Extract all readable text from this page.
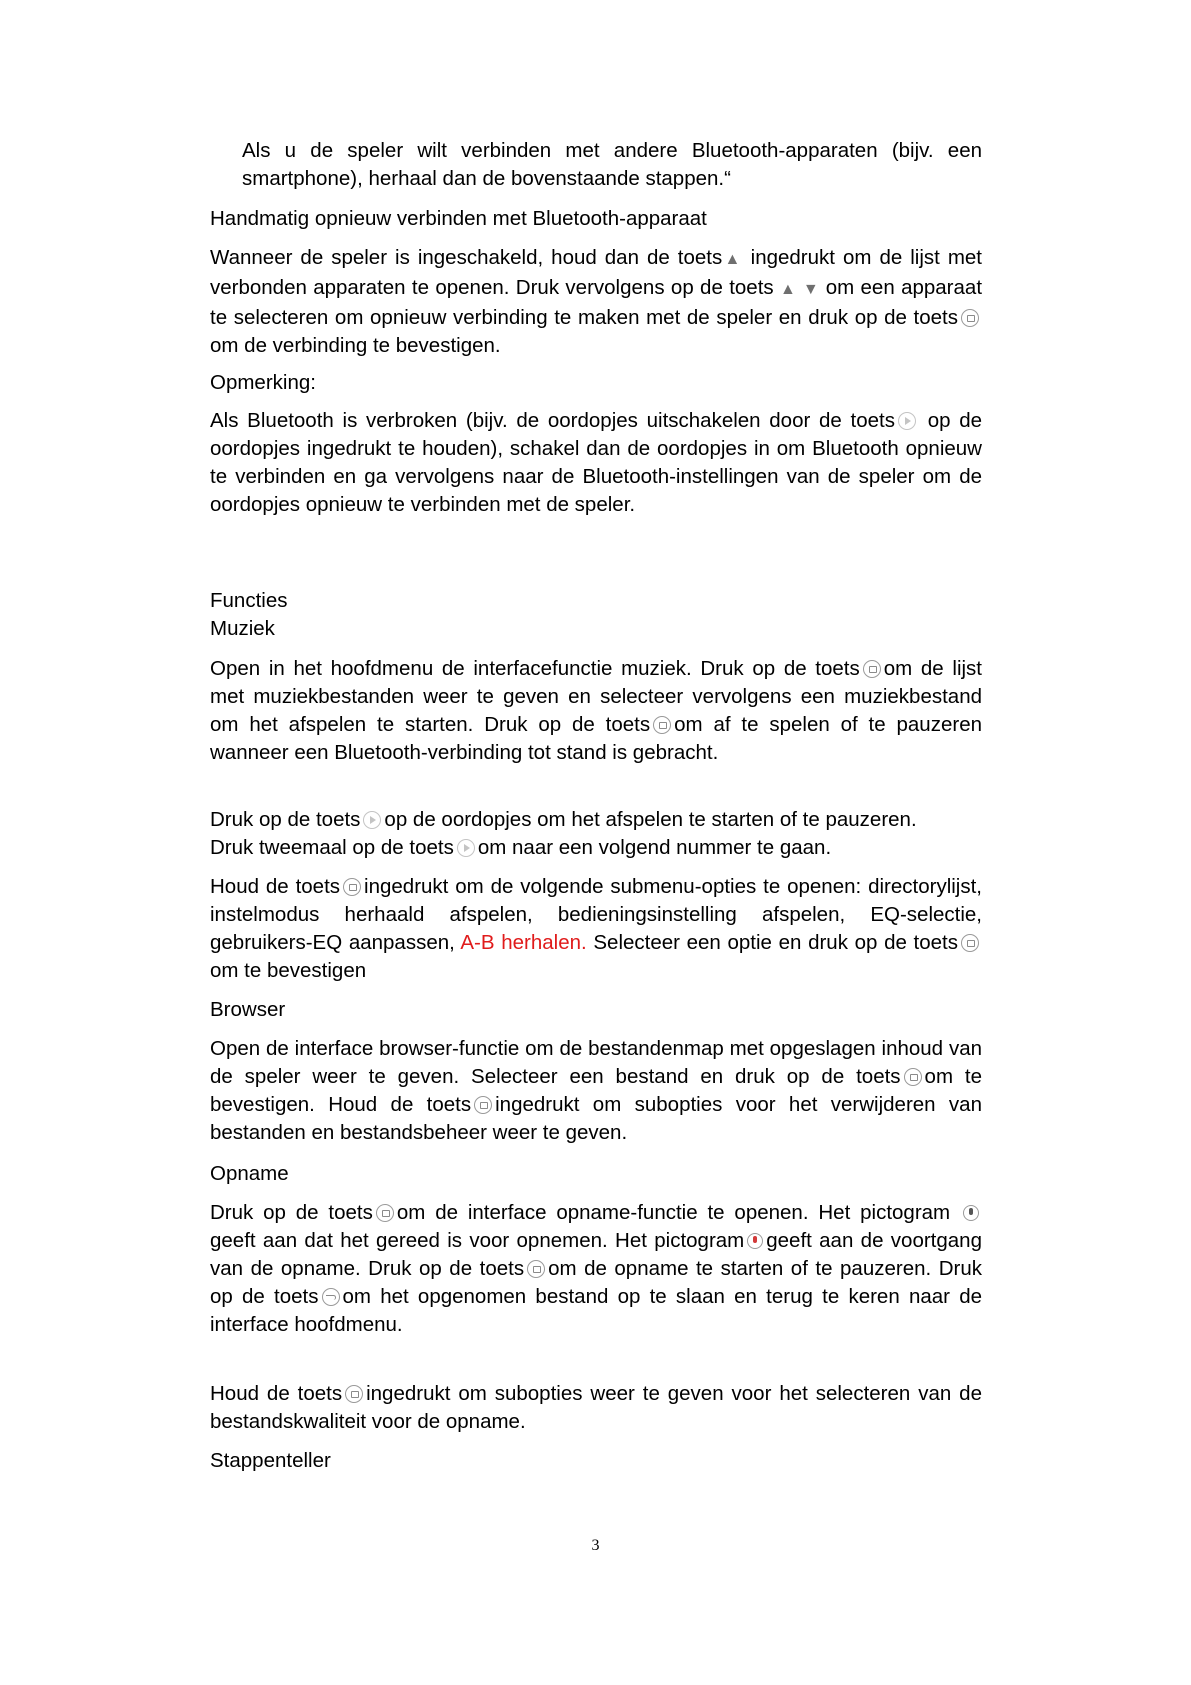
Als u de speler wilt verbinden met andere Bluetooth-apparaten (bijv. een smartphone), herhaal dan de bovenstaande stappen.“

Handmatig opnieuw verbinden met Bluetooth-apparaat

Wanneer de speler is ingeschakeld, houd dan de toets▲ ingedrukt om de lijst met verbonden apparaten te openen. Druk vervolgens op de toets ▲ ▼ om een apparaat te selecteren om opnieuw verbinding te maken met de speler en druk op de toets
om de verbinding te bevestigen.

Opmerking:

Als Bluetooth is verbroken (bijv. de oordopjes uitschakelen door de toets
op de oordopjes ingedrukt te houden), schakel dan de oordopjes in om Bluetooth opnieuw te verbinden en ga vervolgens naar de Bluetooth-instellingen van de speler om de oordopjes opnieuw te verbinden met de speler.

Functies

Muziek

Open in het hoofdmenu de interfacefunctie muziek. Druk op de toets om de lijst met muziekbestanden weer te geven en selecteer vervolgens een muziekbestand om het afspelen te starten. Druk op de toets om af te spelen of te pauzeren wanneer een Bluetooth-verbinding tot stand is gebracht.

Druk op de toets op de oordopjes om het afspelen te starten of te pauzeren.
Druk tweemaal op de toets om naar een volgend nummer te gaan.

Houd de toets ingedrukt om de volgende submenu-opties te openen: directorylijst, instelmodus herhaald afspelen, bedieningsinstelling afspelen, EQ-selectie, gebruikers-EQ aanpassen, A-B herhalen. Selecteer een optie en druk op de toets
om te bevestigen

Browser

Open de interface browser-functie om de bestandenmap met opgeslagen inhoud van de speler weer te geven. Selecteer een bestand en druk op de toets om te bevestigen. Houd de toets ingedrukt om subopties voor het verwijderen van bestanden en bestandsbeheer weer te geven.

Opname

Druk op de toets om de interface opname-functie te openen. Het pictogram
geeft aan dat het gereed is voor opnemen. Het pictogram geeft aan de voortgang van de opname. Druk op de toets om de opname te starten of te pauzeren. Druk op de toets om het opgenomen bestand op te slaan en terug te keren naar de interface hoofdmenu.

Houd de toets ingedrukt om subopties weer te geven voor het selecteren van de bestandskwaliteit voor de opname.

Stappenteller

3
